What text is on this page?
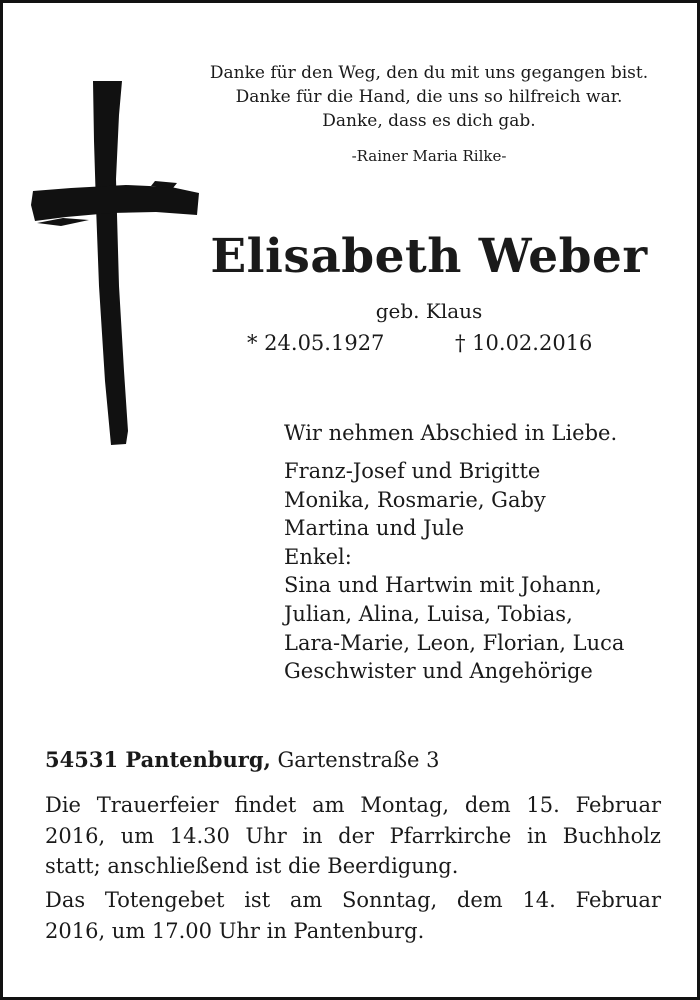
Danke für den Weg, den du mit uns gegangen bist.
Danke für die Hand, die uns so hilfreich war.
Danke, dass es dich gab.
-Rainer Maria Rilke-
Elisabeth Weber
geb. Klaus
* 24.05.1927	† 10.02.2016
Wir nehmen Abschied in Liebe.
Franz-Josef und Brigitte
Monika, Rosmarie, Gaby
Martina und Jule
Enkel:
Sina und Hartwin mit Johann,
Julian, Alina, Luisa, Tobias,
Lara-Marie, Leon, Florian, Luca
Geschwister und Angehörige
54531 Pantenburg, Gartenstraße 3
Die Trauerfeier findet am Montag, dem 15. Februar
2016, um 14.30 Uhr in der Pfarrkirche in Buchholz
statt; anschließend ist die Beerdigung.
Das Totengebet ist am Sonntag, dem 14. Februar
2016, um 17.00 Uhr in Pantenburg.
